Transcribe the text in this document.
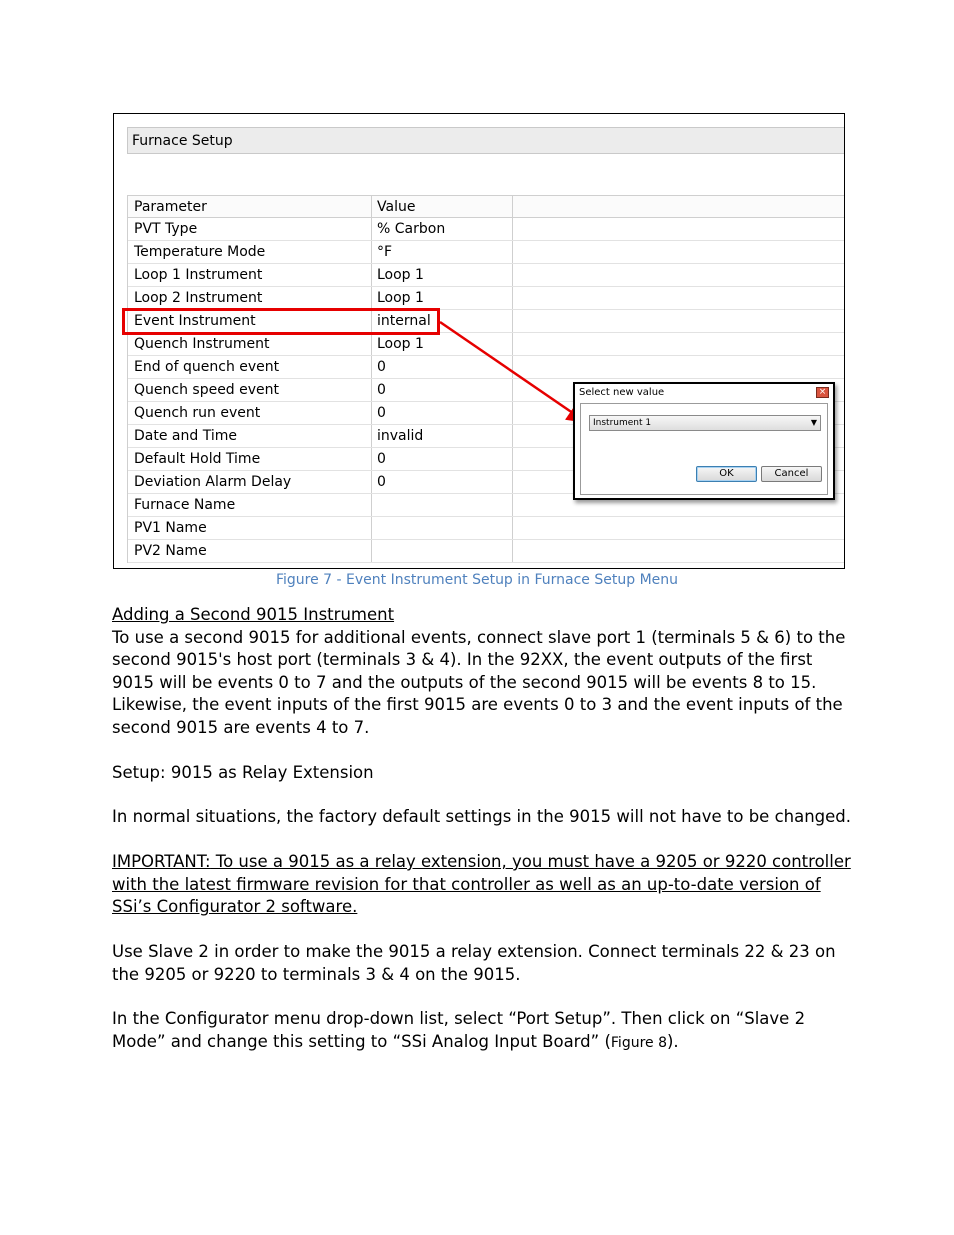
Furnace Setup
Parameter	Value
PVT Type	% Carbon
Temperature Mode	°F
Loop 1 Instrument	Loop 1
Loop 2 Instrument	Loop 1
Event Instrument	internal
Quench Instrument	Loop 1
End of quench event	0
Quench speed event	0
Quench run event	0
Date and Time	invalid
Default Hold Time	0
Deviation Alarm Delay	0
Furnace Name
PV1 Name
PV2 Name
Select new value	×
Instrument 1	▼
OK	Cancel
Figure 7 - Event Instrument Setup in Furnace Setup Menu
Adding a Second 9015 Instrument
To use a second 9015 for additional events, connect slave port 1 (terminals 5 & 6) to the second 9015's host port (terminals 3 & 4). In the 92XX, the event outputs of the first 9015 will be events 0 to 7 and the outputs of the second 9015 will be events 8 to 15. Likewise, the event inputs of the first 9015 are events 0 to 3 and the event inputs of the second 9015 are events 4 to 7.
Setup: 9015 as Relay Extension
In normal situations, the factory default settings in the 9015 will not have to be changed.
IMPORTANT: To use a 9015 as a relay extension, you must have a 9205 or 9220 controller with the latest firmware revision for that controller as well as an up-to-date version of SSi’s Configurator 2 software.
Use Slave 2 in order to make the 9015 a relay extension. Connect terminals 22 & 23 on the 9205 or 9220 to terminals 3 & 4 on the 9015.
In the Configurator menu drop-down list, select “Port Setup”. Then click on “Slave 2 Mode” and change this setting to “SSi Analog Input Board” (Figure 8).
